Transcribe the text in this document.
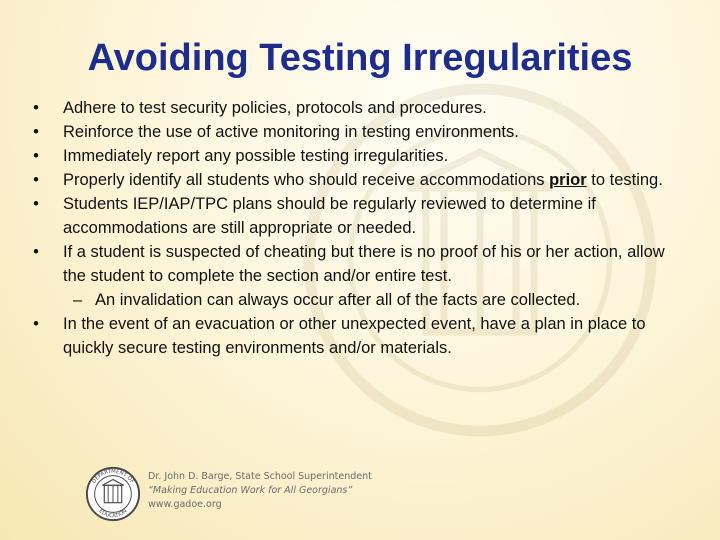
Avoiding Testing Irregularities
•	Adhere to test security policies, protocols and procedures.
•	Reinforce the use of active monitoring in testing environments.
•	Immediately report any possible testing irregularities.
•	Properly identify all students who should receive accommodations prior to testing.
•	Students IEP/IAP/TPC plans should be regularly reviewed to determine if accommodations are still appropriate or needed.
•	If a student is suspected of cheating but there is no proof of his or her action, allow the student to complete the section and/or entire test.
– An invalidation can always occur after all of the facts are collected.
•	In the event of an evacuation or other unexpected event, have a plan in place to quickly secure testing environments and/or materials.
DEPARTMENT OF
EDUCATION
Dr. John D. Barge, State School Superintendent
“Making Education Work for All Georgians”
www.gadoe.org
